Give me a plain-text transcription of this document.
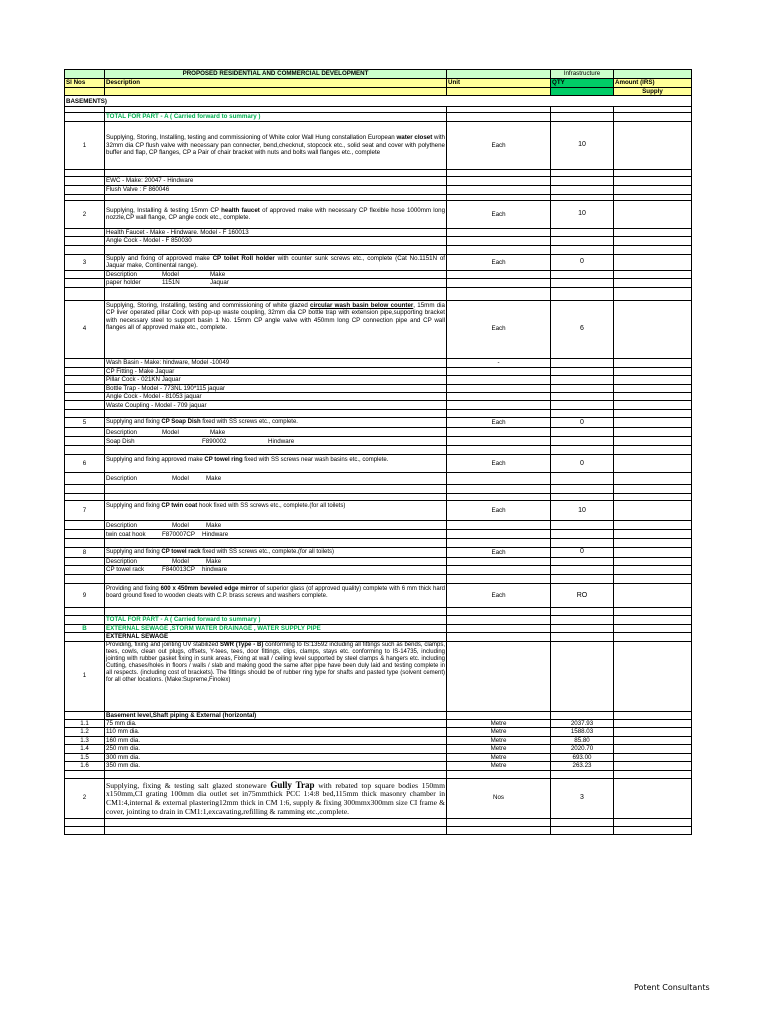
	PROPOSED RESIDENTIAL AND COMMERCIAL DEVELOPMENT		Infrastructure	
Sl Nos	Description	Unit	QTY	Amount (IRS)
				Supply
BASEMENTS)				

	TOTAL FOR PART - A ( Carried forward to summary )			
1	Supplying, Storing, Installing, testing and commissioning of White color Wall Hung constallation European water closet with 32mm dia CP flush valve with necessary pan connecter, bend,checknut, stopcock etc., solid seat and cover with polythene buffer and flap, CP flanges, CP a Pair of chair bracket with nuts and bolts wall flanges etc., complete	Each	10	

	EWC - Make: 20047 - Hindware			
	Flush Valve : F 860046			

2	Supplying, Installing & testing 15mm CP health faucet of approved make with necessary CP flexible hose 1000mm long nozzle,CP wall flange, CP angle cock etc., complete.	Each	10	
	Health Faucet - Make - Hindware. Model - F 160013			
	Angle Cock - Model - F 850030			

3	Supply and fixing of approved make CP toilet Roll holder with counter sunk screws etc., complete (Cat No.1151N of Jaquar make, Continental range).	Each	0	
	Description Model Make			
	paper holder 1151N Jaquar			

4	Supplying, Storing, Installing, testing and commissioning of white glazed circular wash basin below counter, 15mm dia CP liver operated pillar Cock with pop-up waste coupling, 32mm dia CP bottle trap with extension pipe,supporting bracket with necessary steel to support basin 1 No. 15mm CP angle valve with 450mm long CP connection pipe and CP wall flanges all of approved make etc., complete.	Each	6	
	Wash Basin - Make: hindware, Model -10049	-		
	CP Fitting - Make Jaquar			
	Pillar Cock - 021KN Jaquar			
	Bottle Trap - Model - 773NL 190*115 jaquar			
	Angle Cock - Model - 81053 jaquar			
	Waste Coupling - Model - 709 jaquar			

5	Supplying and fixing CP Soap Dish fixed with SS screws etc., complete.	Each	0	
	Description Model Make			
	Soap Dish F890002 Hindware			

6	Supplying and fixing approved make CP towel ring fixed with SS screws near wash basins etc., complete.	Each	0	
	Description Model Make			

7	Supplying and fixing CP twin coat hook fixed with SS screws etc., complete.(for all toilets)	Each	10	
	Description Model Make			
	twin coat hook F870007CP Hindware			

8	Supplying and fixing CP towel rack fixed with SS screws etc., complete.(for all toilets)	Each	0	
	Description Model Make			
	CP towel rack F840013CP hindware			

9	Providing and fixing 600 x 450mm beveled edge mirror of superior glass (of approved quality) complete with 6 mm thick hard board ground fixed to wooden cleats with C.P. brass screws and washers complete.	Each	RO	

	TOTAL FOR PART - A ( Carried forward to summary )			
B	EXTERNAL SEWAGE ,STORM WATER DRAINAGE , WATER SUPPLY PIPE			
	EXTERNAL SEWAGE			
1	Providing, fixing and jointing UV stabilized SWR (Type - B) conforming to IS:13592 including all fittings such as bends, clamps, tees, cowls, clean out plugs, offsets, Y-tees, tees, door fittings, clips, clamps, stays etc. conforming to IS-14735, including jointing with rubber gasket fixing in sunk areas, Fixing at wall / ceiling level supported by steel clamps & hangers etc. including Cutting, chases/holes in floors / walls / slab and making good the same after pipe have been duly laid and testing complete in all respects. (including cost of brackets). The fittings should be of rubber ring type for shafts and pasted type (solvent cement) for all other locations. (Make:Supreme,Finolex)			
	Basement level,Shaft piping & External (horizontal)			
1.1	75 mm dia.	Metre	2037.93	
1.2	110 mm dia.	Metre	1588.03	
1.3	160 mm dia.	Metre	85.80	
1.4	250 mm dia.	Metre	2020.70	
1.5	300 mm dia.	Metre	693.00	
1.6	350 mm dia.	Metre	263.23	

2	Supplying, fixing & testing salt glazed stoneware Gully Trap with rebated top square bodies 150mm x150mm,CI grating 100mm dia outlet set in75mmthick PCC 1:4:8 bed,115mm thick masonry chamber in CM1:4,internal & external plastering12mm thick in CM 1:6, supply & fixing 300mmx300mm size CI frame & cover, jointing to drain in CM1:1,excavating,refilling & ramming etc.,complete.	Nos	3	

Potent Consultants
